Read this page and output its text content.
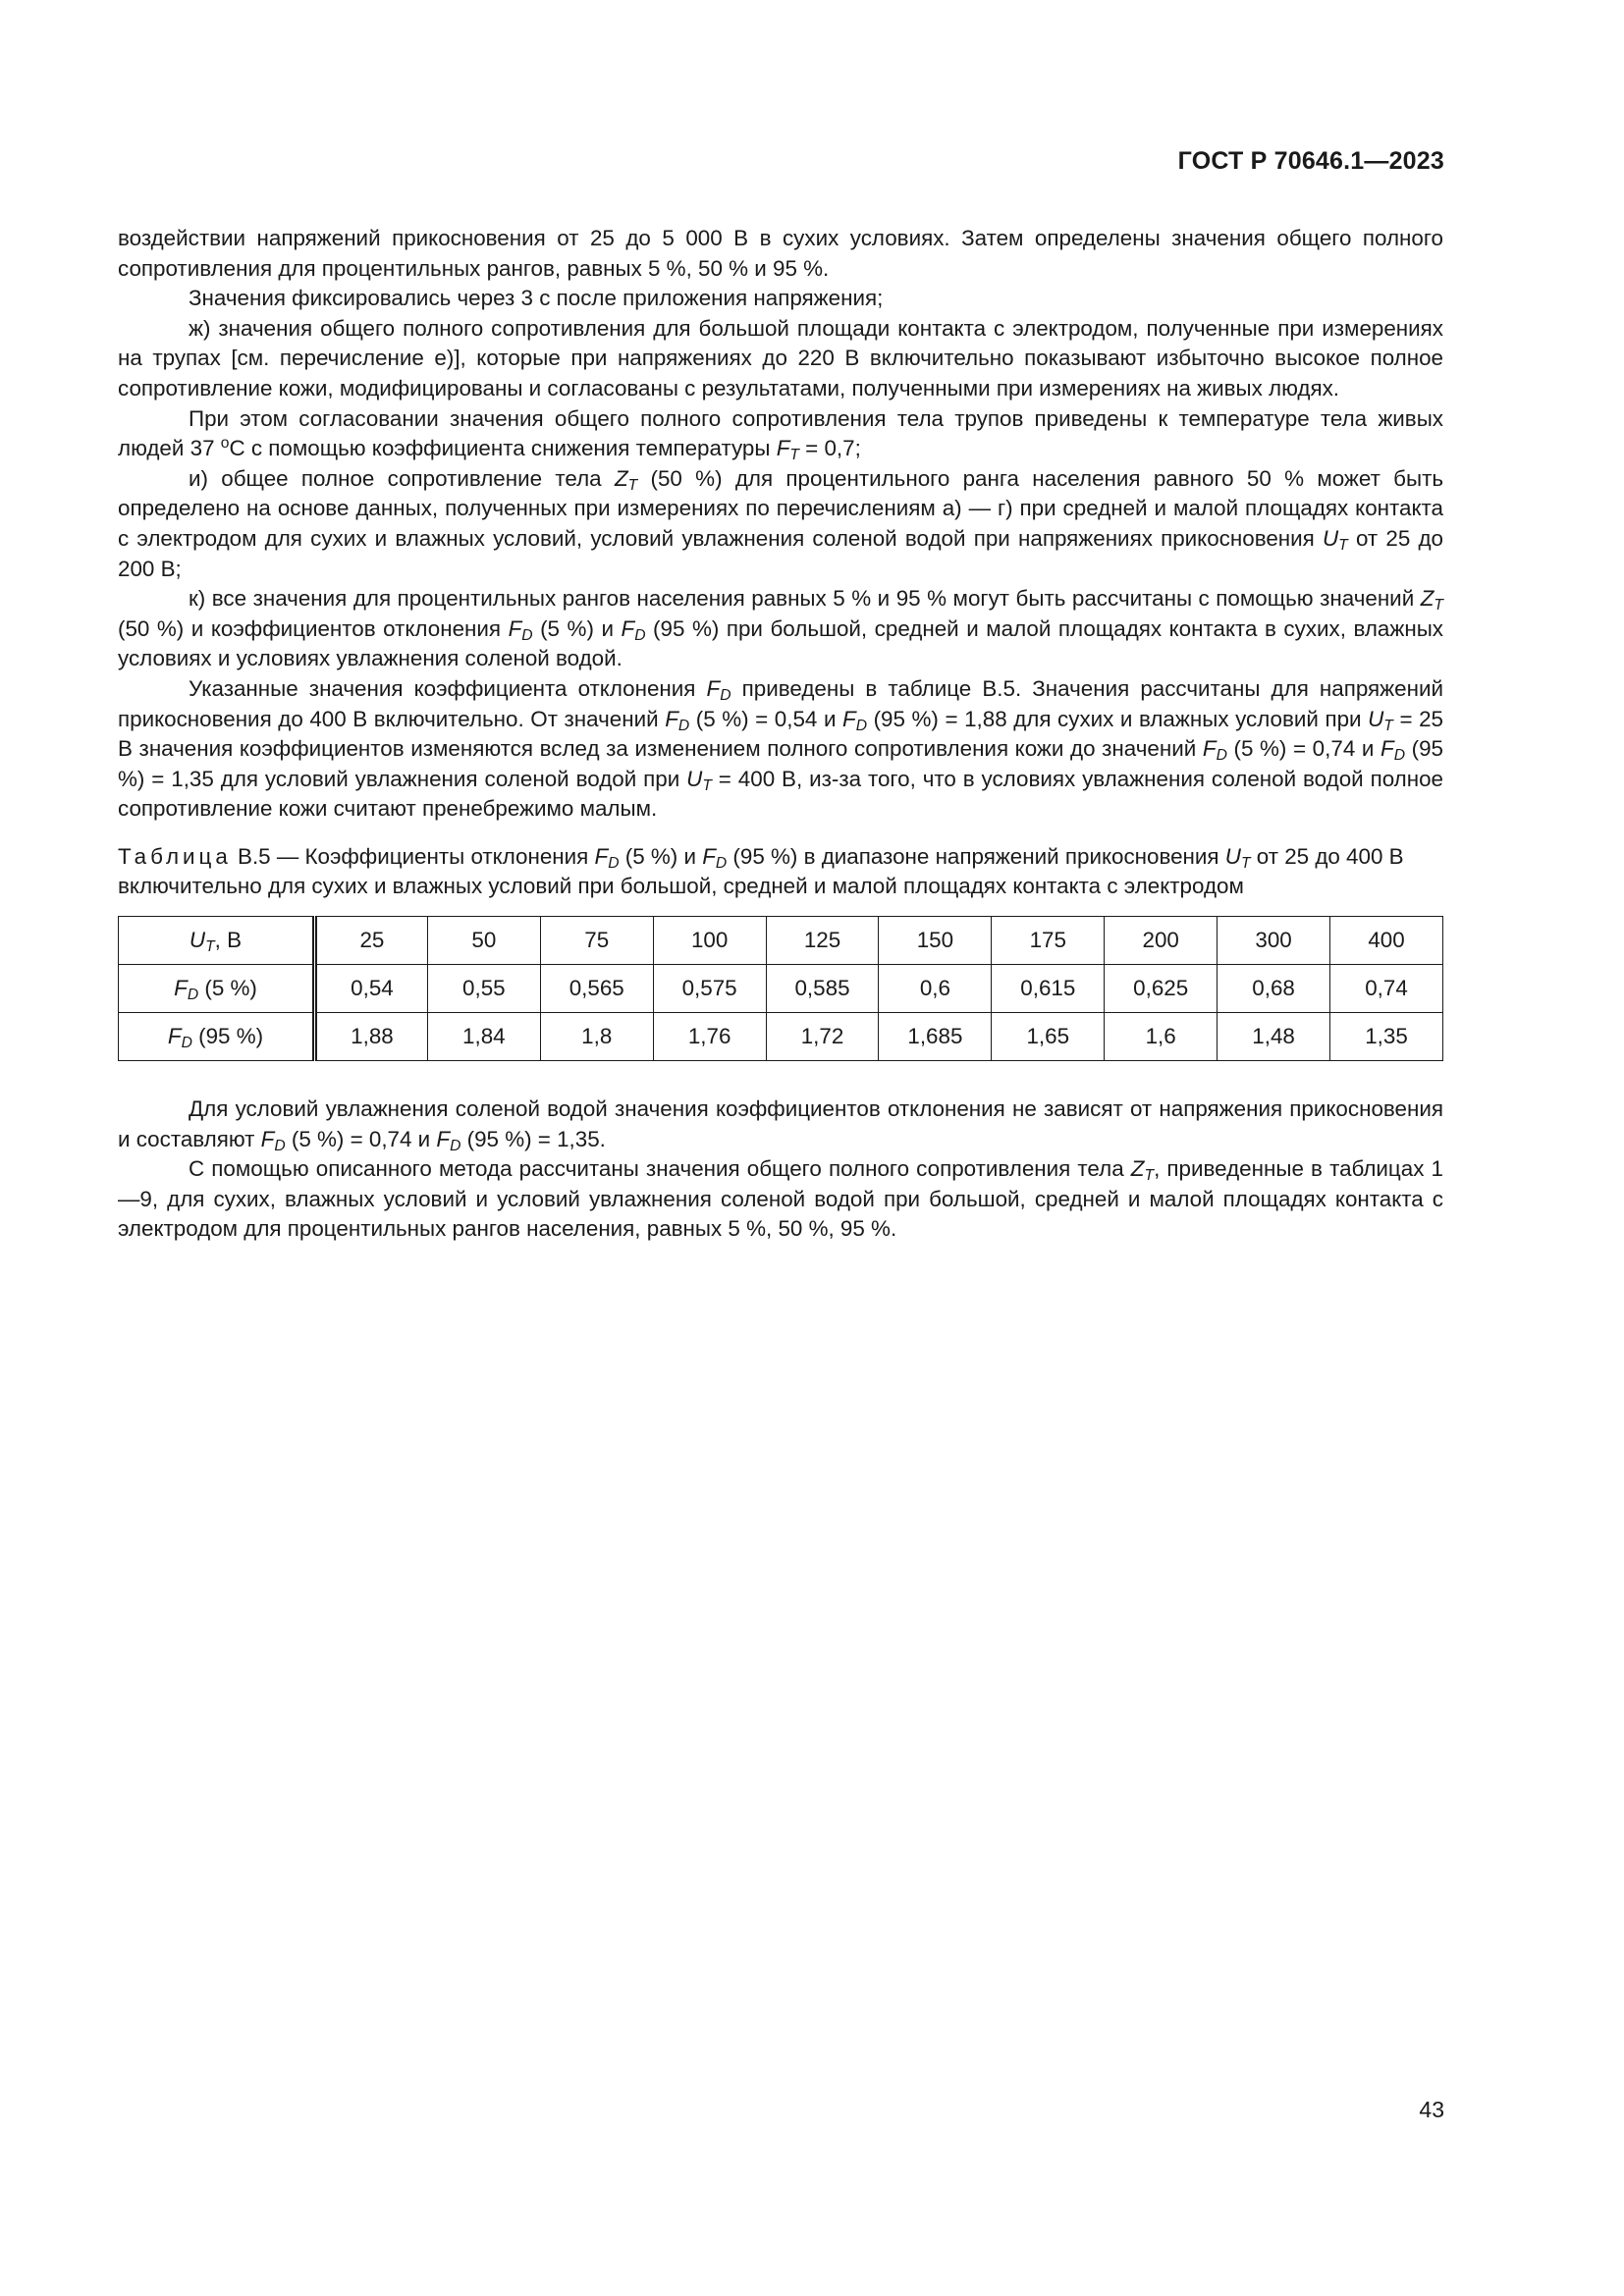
ГОСТ Р 70646.1—2023

воздействии напряжений прикосновения от 25 до 5 000 В в сухих условиях. Затем определены значения общего полного сопротивления для процентильных рангов, равных 5 %, 50 % и 95 %.

Значения фиксировались через 3 с после приложения напряжения;

ж) значения общего полного сопротивления для большой площади контакта с электродом, полученные при измерениях на трупах [см. перечисление е)], которые при напряжениях до 220 В включительно показывают избыточно высокое полное сопротивление кожи, модифицированы и согласованы с результатами, полученными при измерениях на живых людях.

При этом согласовании значения общего полного сопротивления тела трупов приведены к температуре тела живых людей 37 $^о$С с помощью коэффициента снижения температуры $F_T = 0,7$;

и) общее полное сопротивление тела $Z_T$ (50 %) для процентильного ранга населения равного 50 % может быть определено на основе данных, полученных при измерениях по перечислениям а) — г) при средней и малой площадях контакта с электродом для сухих и влажных условий, условий увлажнения соленой водой при напряжениях прикосновения $U_T$ от 25 до 200 В;

к) все значения для процентильных рангов населения равных 5 % и 95 % могут быть рассчитаны с помощью значений $Z_T$ (50 %) и коэффициентов отклонения $F_D$ (5 %) и $F_D$ (95 %) при большой, средней и малой площадях контакта в сухих, влажных условиях и условиях увлажнения соленой водой.

Указанные значения коэффициента отклонения $F_D$ приведены в таблице В.5. Значения рассчитаны для напряжений прикосновения до 400 В включительно. От значений $F_D$ (5 %) = 0,54 и $F_D$ (95 %) = 1,88 для сухих и влажных условий при $U_T = 25$ В значения коэффициентов изменяются вслед за изменением полного сопротивления кожи до значений $F_D$ (5 %) = 0,74 и $F_D$ (95 %) = 1,35 для условий увлажнения соленой водой при $U_T = 400$ В, из-за того, что в условиях увлажнения соленой водой полное сопротивление кожи считают пренебрежимо малым.

Таблица В.5 — Коэффициенты отклонения $F_D$ (5 %) и $F_D$ (95 %) в диапазоне напряжений прикосновения $U_T$ от 25 до 400 В включительно для сухих и влажных условий при большой, средней и малой площадях контакта с электродом

$U_T$, В	25	50	75	100	125	150	175	200	300	400
$F_D$ (5 %)	0,54	0,55	0,565	0,575	0,585	0,6	0,615	0,625	0,68	0,74
$F_D$ (95 %)	1,88	1,84	1,8	1,76	1,72	1,685	1,65	1,6	1,48	1,35

Для условий увлажнения соленой водой значения коэффициентов отклонения не зависят от напряжения прикосновения и составляют $F_D$ (5 %) = 0,74 и $F_D$ (95 %) = 1,35.

С помощью описанного метода рассчитаны значения общего полного сопротивления тела $Z_T$, приведенные в таблицах 1—9, для сухих, влажных условий и условий увлажнения соленой водой при большой, средней и малой площадях контакта с электродом для процентильных рангов населения, равных 5 %, 50 %, 95 %.

43
